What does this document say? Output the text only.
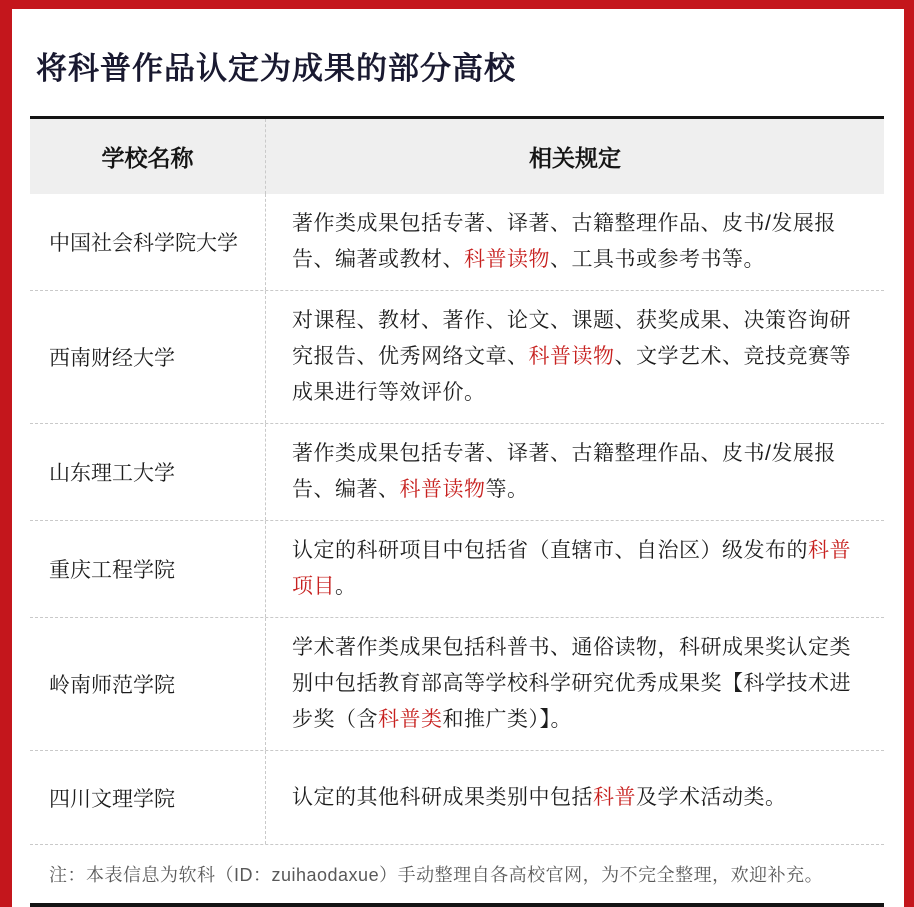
将科普作品认定为成果的部分高校
学校名称	相关规定
中国社会科学院大学
著作类成果包括专著、译著、古籍整理作品、皮书/发展报告、编著或教材、科普读物、工具书或参考书等。
西南财经大学
对课程、教材、著作、论文、课题、获奖成果、决策咨询研究报告、优秀网络文章、科普读物、文学艺术、竞技竞赛等成果进行等效评价。
山东理工大学
著作类成果包括专著、译著、古籍整理作品、皮书/发展报告、编著、科普读物等。
重庆工程学院
认定的科研项目中包括省（直辖市、自治区）级发布的科普项目。
岭南师范学院
学术著作类成果包括科普书、通俗读物，科研成果奖认定类别中包括教育部高等学校科学研究优秀成果奖【科学技术进步奖（含科普类和推广类）】。
四川文理学院	认定的其他科研成果类别中包括科普及学术活动类。
注：本表信息为软科（ID：zuihaodaxue）手动整理自各高校官网，为不完全整理，欢迎补充。
